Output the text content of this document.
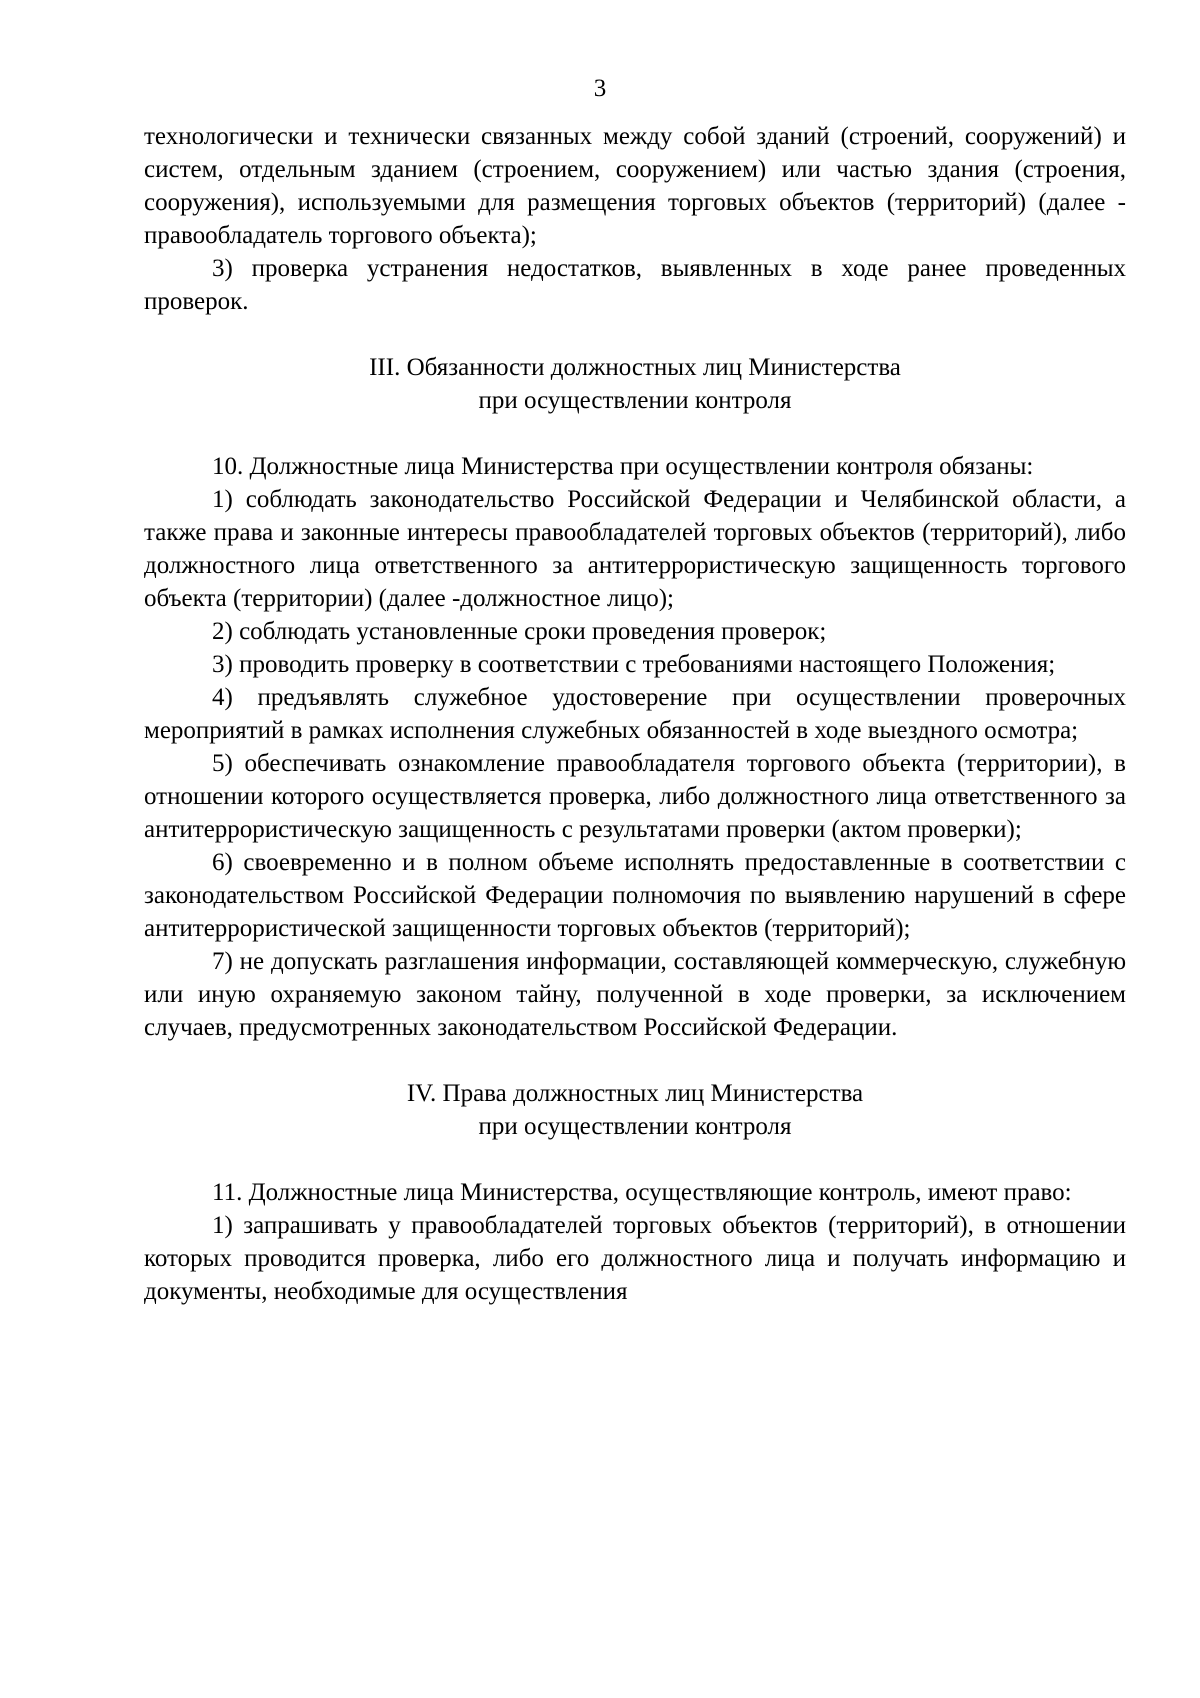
3

технологически и технически связанных между собой зданий (строений, сооружений) и систем, отдельным зданием (строением, сооружением) или частью здания (строения, сооружения), используемыми для размещения торговых объектов (территорий) (далее - правообладатель торгового объекта);

3) проверка устранения недостатков, выявленных в ходе ранее проведенных проверок.

III. Обязанности должностных лиц Министерства
при осуществлении контроля

10. Должностные лица Министерства при осуществлении контроля обязаны:

1) соблюдать законодательство Российской Федерации и Челябинской области, а также права и законные интересы правообладателей торговых объектов (территорий), либо должностного лица ответственного за антитеррористическую защищенность торгового объекта (территории) (далее -должностное лицо);

2) соблюдать установленные сроки проведения проверок;

3) проводить проверку в соответствии с требованиями настоящего Положения;

4) предъявлять служебное удостоверение при осуществлении проверочных мероприятий в рамках исполнения служебных обязанностей в ходе выездного осмотра;

5) обеспечивать ознакомление правообладателя торгового объекта (территории), в отношении которого осуществляется проверка, либо должностного лица ответственного за антитеррористическую защищенность с результатами проверки (актом проверки);

6) своевременно и в полном объеме исполнять предоставленные в соответствии с законодательством Российской Федерации полномочия по выявлению нарушений в сфере антитеррористической защищенности торговых объектов (территорий);

7) не допускать разглашения информации, составляющей коммерческую, служебную или иную охраняемую законом тайну, полученной в ходе проверки, за исключением случаев, предусмотренных законодательством Российской Федерации.

IV. Права должностных лиц Министерства
при осуществлении контроля

11. Должностные лица Министерства, осуществляющие контроль, имеют право:

1) запрашивать у правообладателей торговых объектов (территорий), в отношении которых проводится проверка, либо его должностного лица и получать информацию и документы, необходимые для осуществления
